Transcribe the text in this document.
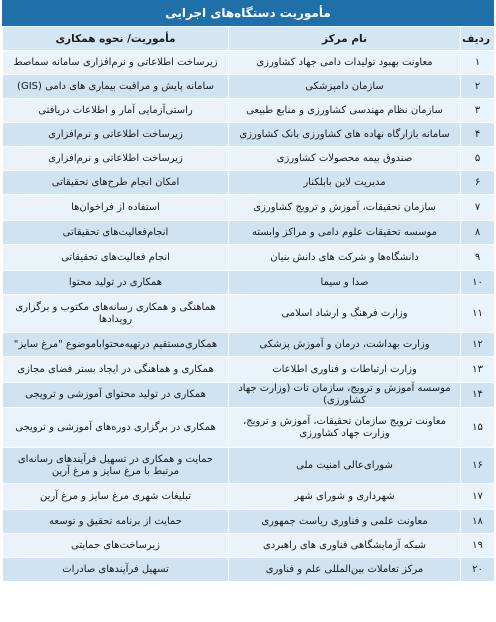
مأموریت دستگاه‌های اجرایی
ردیف	نام مرکز	مأموریت/ نحوه همکاری
۱	معاونت بهبود تولیدات دامی جهاد کشاورزی	زیرساخت اطلاعاتی و نرم‌افزاری سامانه سماصط
۲	سازمان دامپزشکی	سامانه پایش و مراقبت بیماری های دامی (GIS)
۳	سازمان نظام مهندسی کشاورزی و منابع طبیعی	راستی‌آزمایی آمار و اطلاعات دریافتی
۴	سامانه بازارگاه نهاده های کشاورزی بانک کشاورزی	زیرساخت اطلاعاتی و نرم‌افزاری
۵	صندوق بیمه محصولات کشاورزی	زیرساخت اطلاعاتی و نرم‌افزاری
۶	مدیریت لاین بابلکنار	امکان انجام طرح‌های تحقیقاتی
۷	سازمان تحقیقات، آموزش و ترویج کشاورزی	استفاده از فراخوان‌ها
۸	موسسه تحقیقات علوم دامی و مراکز وابسته	انجام‌فعالیت‌های تحقیقاتی
۹	دانشگاه‌ها و شرکت های دانش بنیان	انجام فعالیت‌های تحقیقاتی
۱۰	صدا و سیما	همکاری در تولید محتوا
۱۱	وزارت فرهنگ و ارشاد اسلامی	هماهنگی و همکاری رسانه‌های مکتوب و برگزاری رویدادها
۱۲	وزارت بهداشت، درمان و آموزش پزشکی	همکاری‌مستقیم در‌تهیه‌محتوا‌با‌موضوع "مرغ سایز"
۱۳	وزارت ارتباطات و فناوری اطلاعات	همکاری و هماهنگی در ایجاد بستر فضای مجازی
۱۴	موسسه آموزش و ترویج، سازمان تات (وزارت جهاد کشاورزی)	همکاری در تولید محتوای آموزشی و ترویجی
۱۵	معاونت ترویج سازمان تحقیقات، آموزش و ترویج، وزارت جهاد کشاورزی	همکاری در برگزاری دوره‌های آموزشی و ترویجی
۱۶	شورای‌عالی امنیت ملی	حمایت و همکاری در تسهیل فرآیندهای رسانه‌ای مرتبط با مرغ سایز و مرغ آرین
۱۷	شهرداری و شورای شهر	تبلیغات شهری مرغ سایز و مرغ آرین
۱۸	معاونت علمی و فناوری ریاست جمهوری	حمایت از برنامه تحقیق و توسعه
۱۹	شبکه آزمایشگاهی فناوری های راهبردی	زیرساخت‌های حمایتی
۲۰	مرکز تعاملات بین‌المللی علم و فناوری	تسهیل فرآیندهای صادرات
